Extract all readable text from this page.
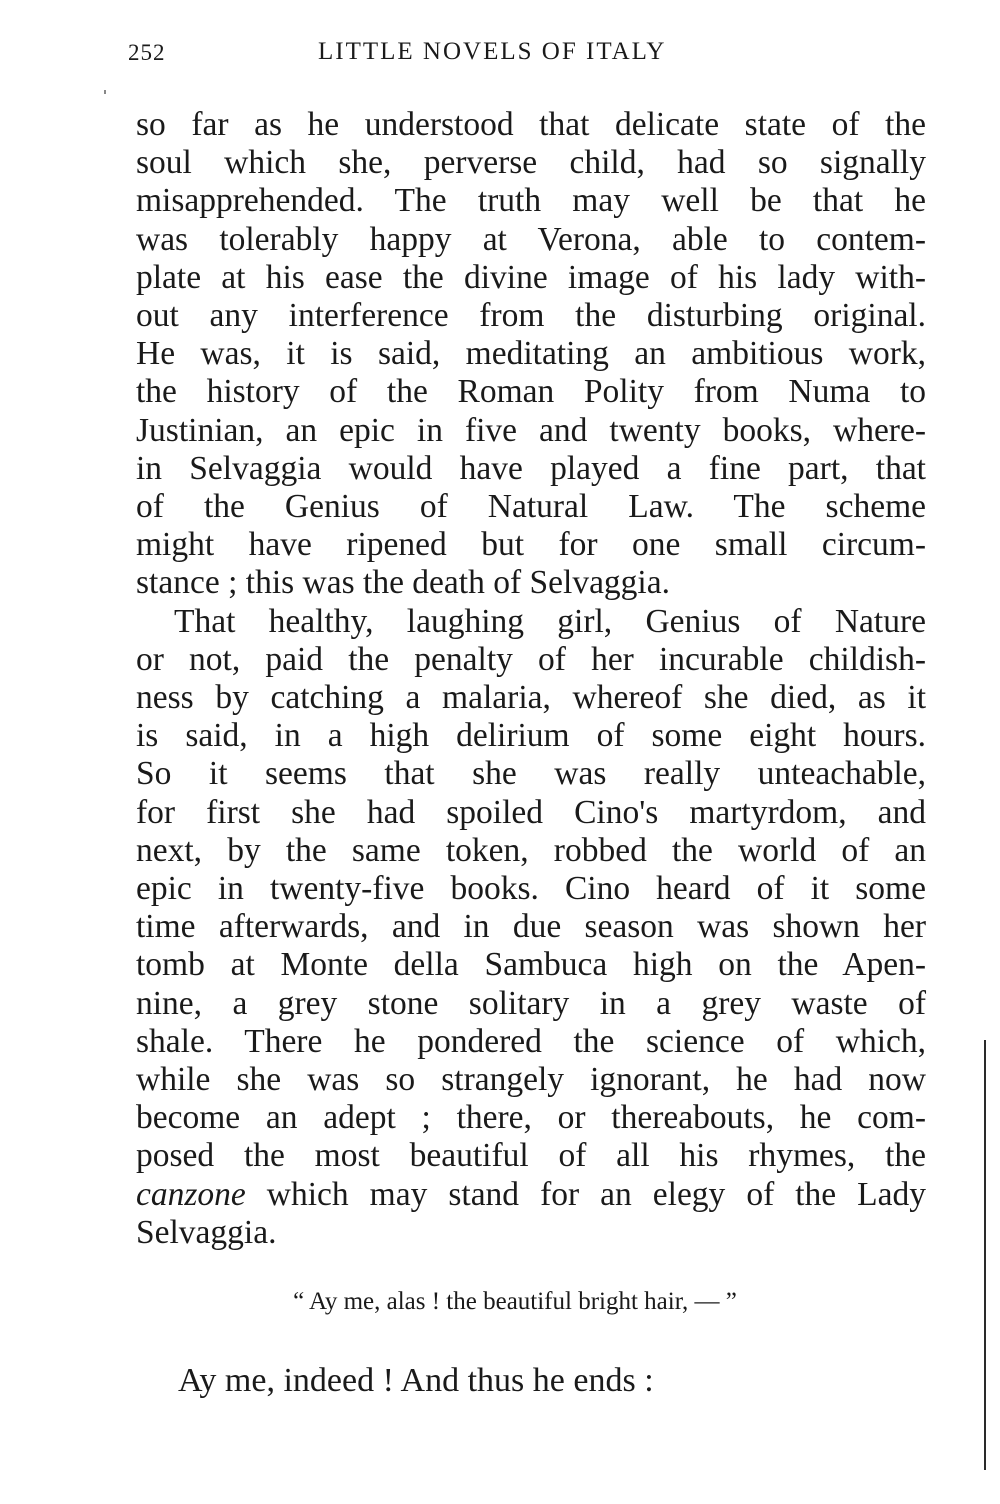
252	LITTLE NOVELS OF ITALY

so far as he understood that delicate state of the
soul which she, perverse child, had so signally
misapprehended. The truth may well be that he
was tolerably happy at Verona, able to contem-
plate at his ease the divine image of his lady with-
out any interference from the disturbing original.
He was, it is said, meditating an ambitious work,
the history of the Roman Polity from Numa to
Justinian, an epic in five and twenty books, where-
in Selvaggia would have played a fine part, that
of the Genius of Natural Law. The scheme
might have ripened but for one small circum-
stance ; this was the death of Selvaggia.

That healthy, laughing girl, Genius of Nature
or not, paid the penalty of her incurable childish-
ness by catching a malaria, whereof she died, as it
is said, in a high delirium of some eight hours.
So it seems that she was really unteachable,
for first she had spoiled Cino's martyrdom, and
next, by the same token, robbed the world of an
epic in twenty-five books. Cino heard of it some
time afterwards, and in due season was shown her
tomb at Monte della Sambuca high on the Apen-
nine, a grey stone solitary in a grey waste of
shale. There he pondered the science of which,
while she was so strangely ignorant, he had now
become an adept ; there, or thereabouts, he com-
posed the most beautiful of all his rhymes, the
canzone which may stand for an elegy of the Lady
Selvaggia.

“ Ay me, alas ! the beautiful bright hair, — ”
Ay me, indeed ! And thus he ends :
